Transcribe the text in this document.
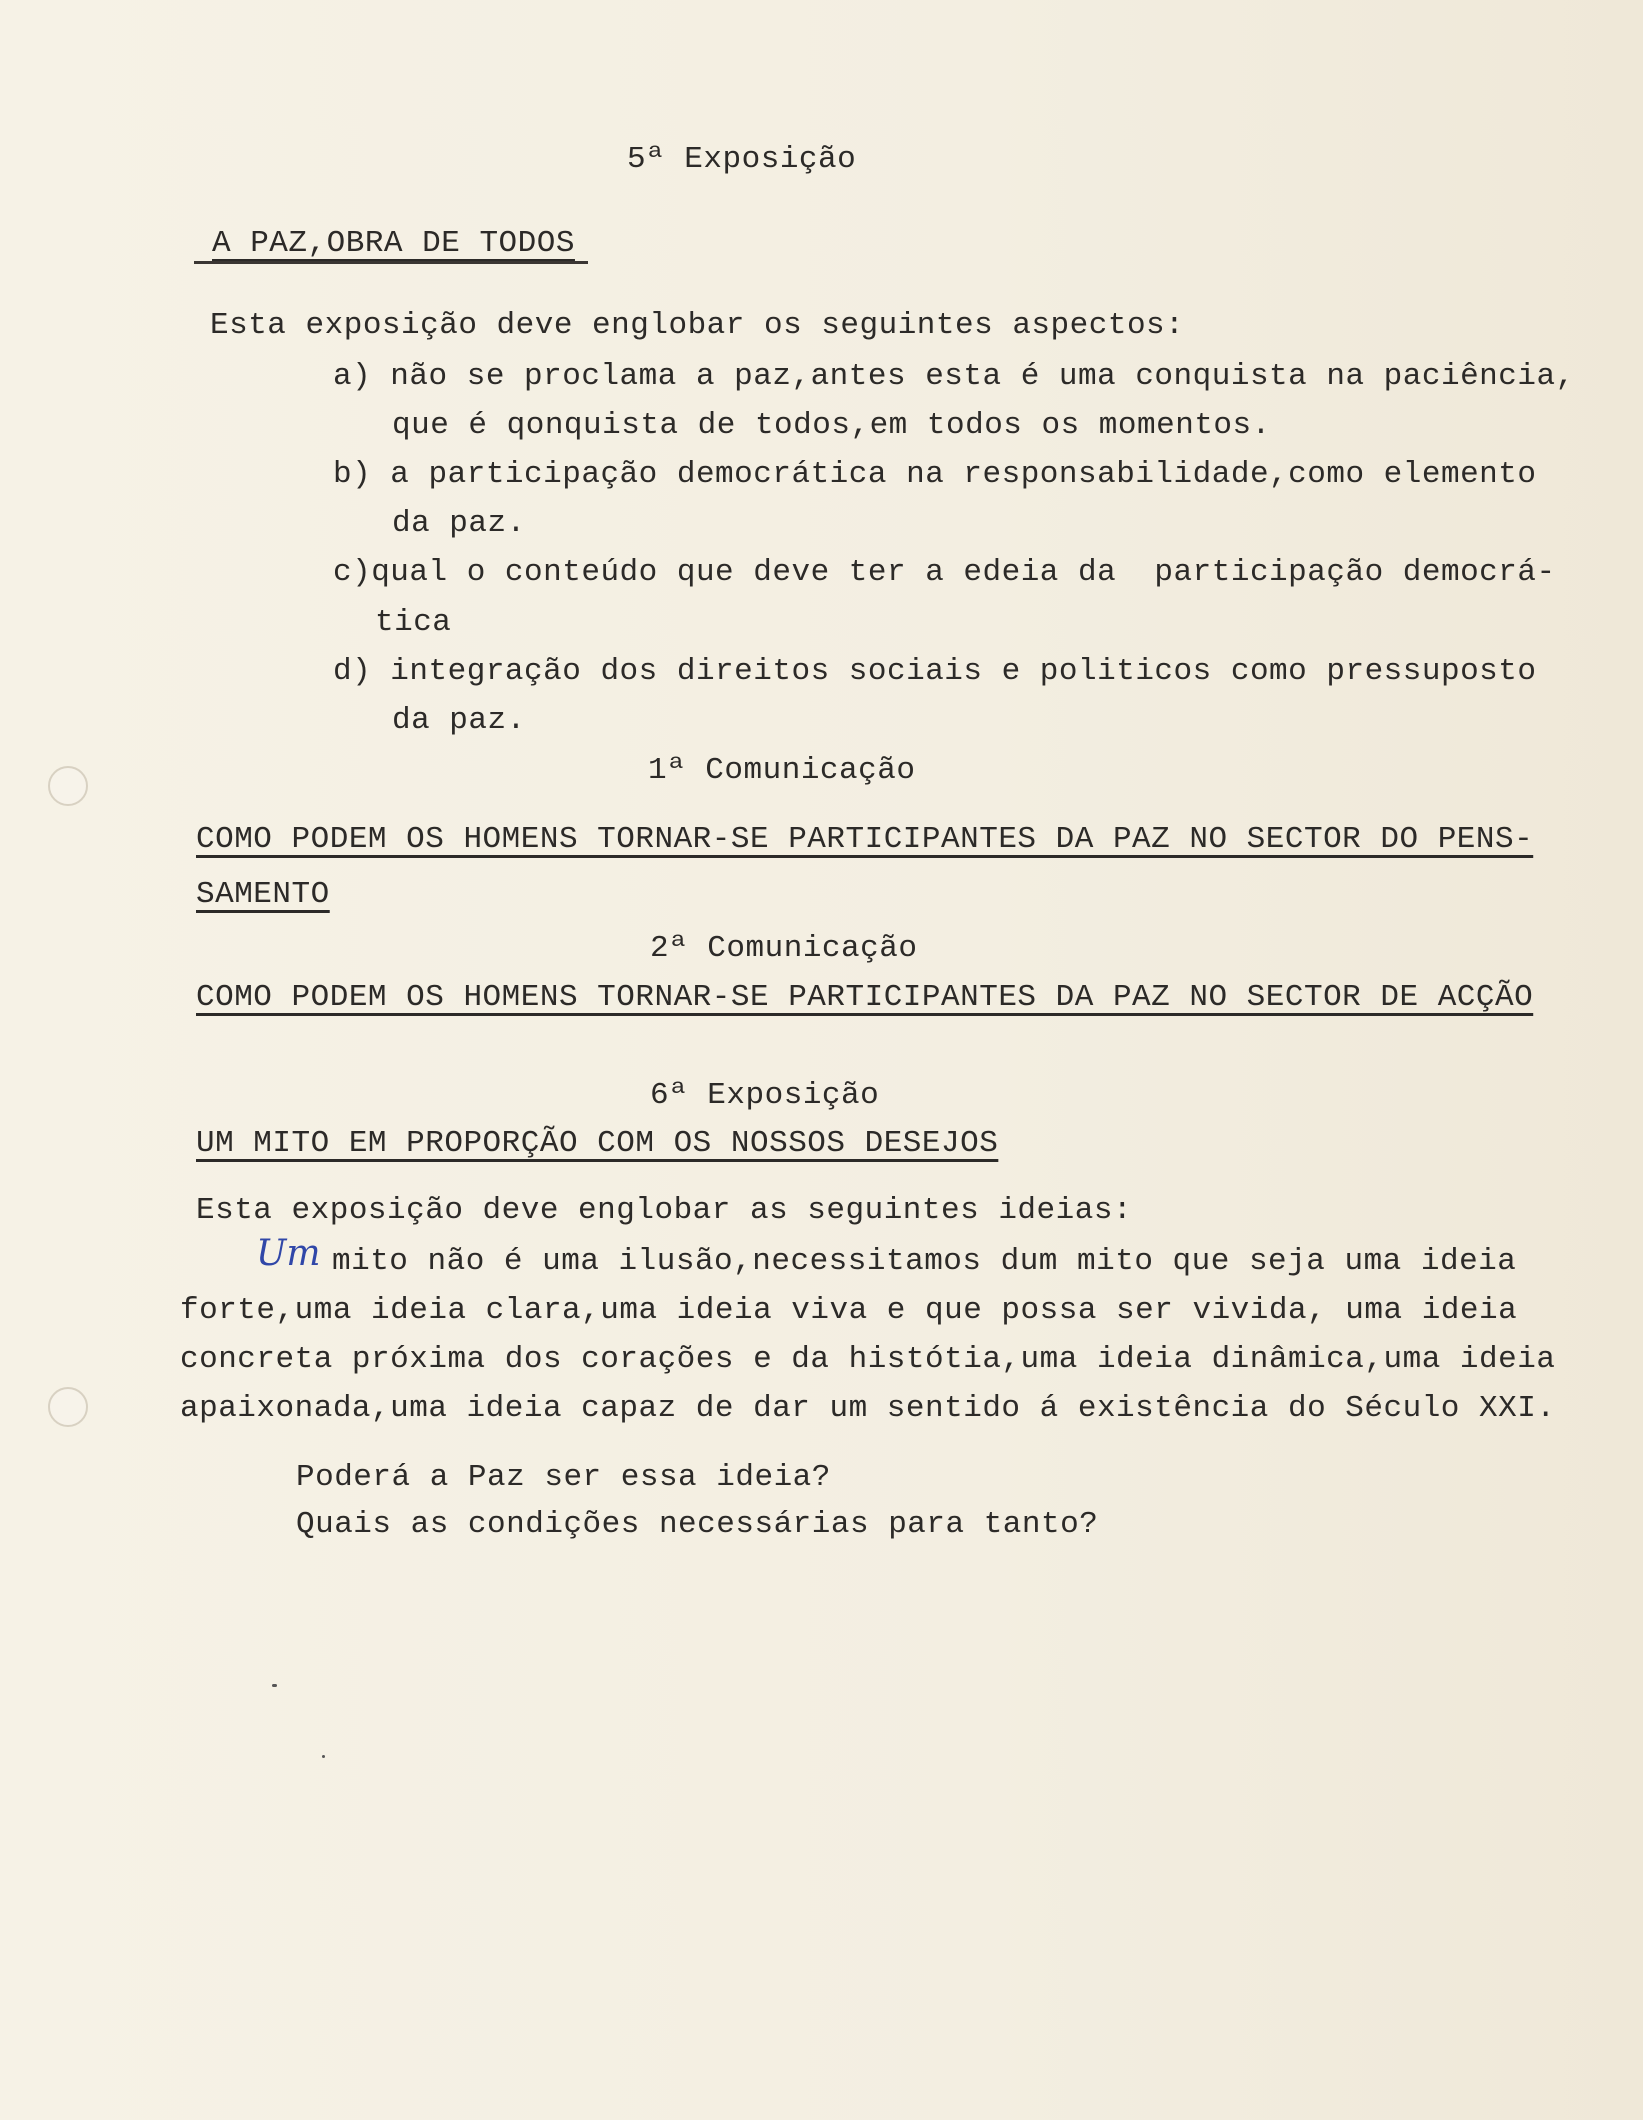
5ª Exposição
A PAZ,OBRA DE TODOS
Esta exposição deve englobar os seguintes aspectos:
a) não se proclama a paz,antes esta é uma conquista na paciência,
que é qonquista de todos,em todos os momentos.
b) a participação democrática na responsabilidade,como elemento
da paz.
c)qual o conteúdo que deve ter a edeia da  participação democrá-
tica
d) integração dos direitos sociais e politicos como pressuposto
da paz.
1ª Comunicação
COMO PODEM OS HOMENS TORNAR-SE PARTICIPANTES DA PAZ NO SECTOR DO PENS-
SAMENTO
2ª Comunicação
COMO PODEM OS HOMENS TORNAR-SE PARTICIPANTES DA PAZ NO SECTOR DE ACÇÃO
6ª Exposição
UM MITO EM PROPORÇÃO COM OS NOSSOS DESEJOS
Esta exposição deve englobar as seguintes ideias:
Um mito não é uma ilusão,necessitamos dum mito que seja uma ideia
forte,uma ideia clara,uma ideia viva e que possa ser vivida, uma ideia
concreta próxima dos corações e da histótia,uma ideia dinâmica,uma ideia
apaixonada,uma ideia capaz de dar um sentido á existência do Século XXI.
Poderá a Paz ser essa ideia?
Quais as condições necessárias para tanto?
